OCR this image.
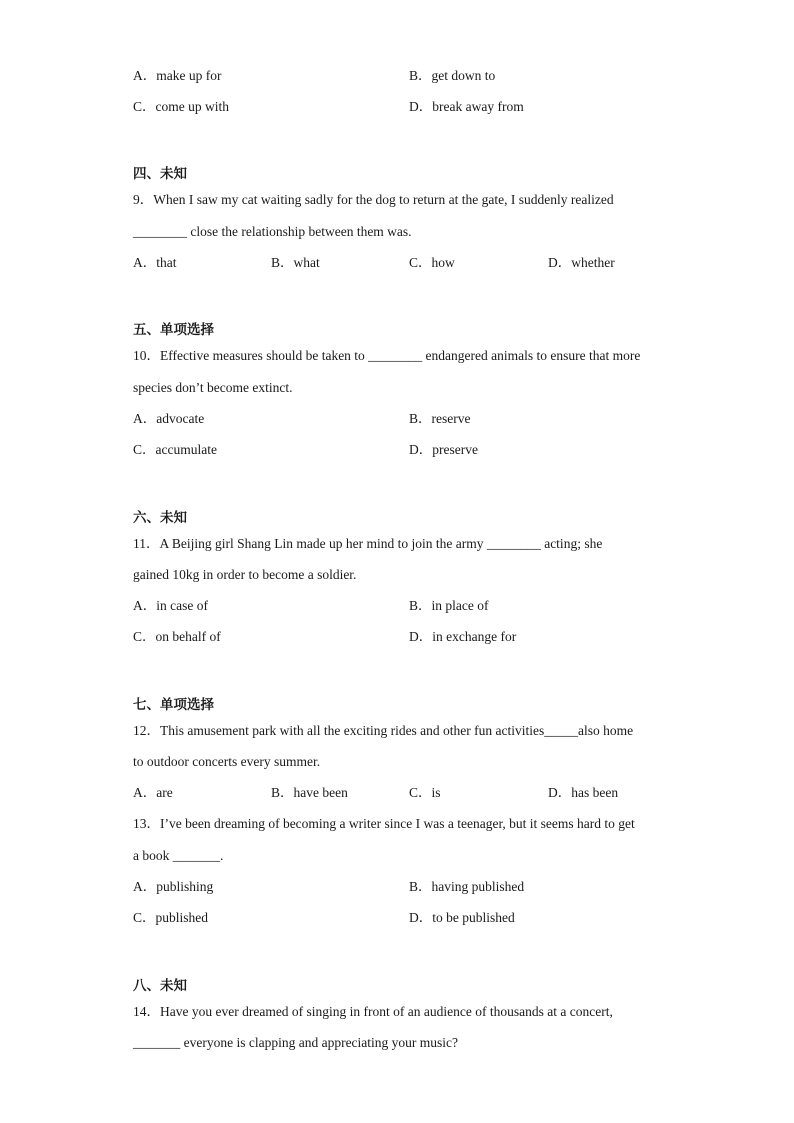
A．make up for	B．get down to
C．come up with	D．break away from
四、未知
9．When I saw my cat waiting sadly for the dog to return at the gate, I suddenly realized
________ close the relationship between them was.
A．that	B．what	C．how	D．whether
五、单项选择
10．Effective measures should be taken to ________ endangered animals to ensure that more
species don’t become extinct.
A．advocate	B．reserve
C．accumulate	D．preserve
六、未知
11．A Beijing girl Shang Lin made up her mind to join the army ________ acting; she
gained 10kg in order to become a soldier.
A．in case of	B．in place of
C．on behalf of	D．in exchange for
七、单项选择
12．This amusement park with all the exciting rides and other fun activities_____also home
to outdoor concerts every summer.
A．are	B．have been	C．is	D．has been
13．I’ve been dreaming of becoming a writer since I was a teenager, but it seems hard to get
a book _______.
A．publishing	B．having published
C．published	D．to be published
八、未知
14．Have you ever dreamed of singing in front of an audience of thousands at a concert,
_______ everyone is clapping and appreciating your music?
